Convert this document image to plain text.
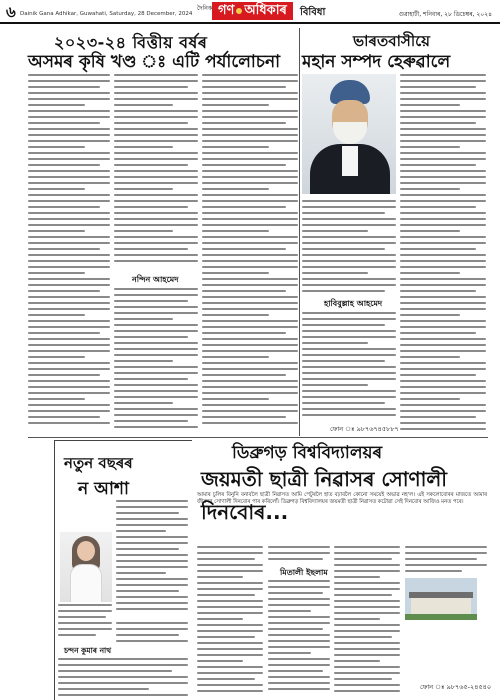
৬ Dainik Gana Adhikar, Guwahati, Saturday, 28 December, 2024
দৈনিক গণ অধিকাৰ	বিবিধা	গুৱাহাটী, শনিবাৰ, ২৮ ডিচেম্বৰ, ২০২৪
২০২৩-২৪ বিত্তীয় বৰ্ষৰ
অসমৰ কৃষি খণ্ড ঃ এটি পৰ্যালোচনা
নন্দিন আহমেদ
ভাৰতবাসীয়ে
মহান সম্পদ হেৰুৱালে
হাবিবুল্লাহ আহমেদ
ফোন ঃ ৯৮৭৬৭৪৫৮৮৭
নতুন বছৰৰ
ন আশা
চন্দন কুমাৰ নাথ
ডিব্ৰুগড় বিশ্ববিদ্যালয়ৰ
জয়মতী ছাত্ৰী নিৱাসৰ সোণালী দিনবোৰ...
আমাৰ চুলিৰ বিনুনি বনাবলৈ ছাত্ৰী নিৱাসত আমি পেটুৰলৈ হাত বঢ়াবলৈ কোনো সময়েই অভাৱ নহ'ল। এই সকলোবোৰৰ মাজতে আমাৰ জীৱনৰ সোণালী দিনবোৰ পাৰ কৰিলোঁ। ডিব্ৰুগড় বিশ্ববিদ্যালয়ৰ জয়মতী ছাত্ৰী নিৱাসত কটোৱা সেই দিনবোৰ আজিও মনত পৰে।
মিতালী ইছলাম
ফোন ঃ ৯৮৭৬৫-২৪৫৪০
